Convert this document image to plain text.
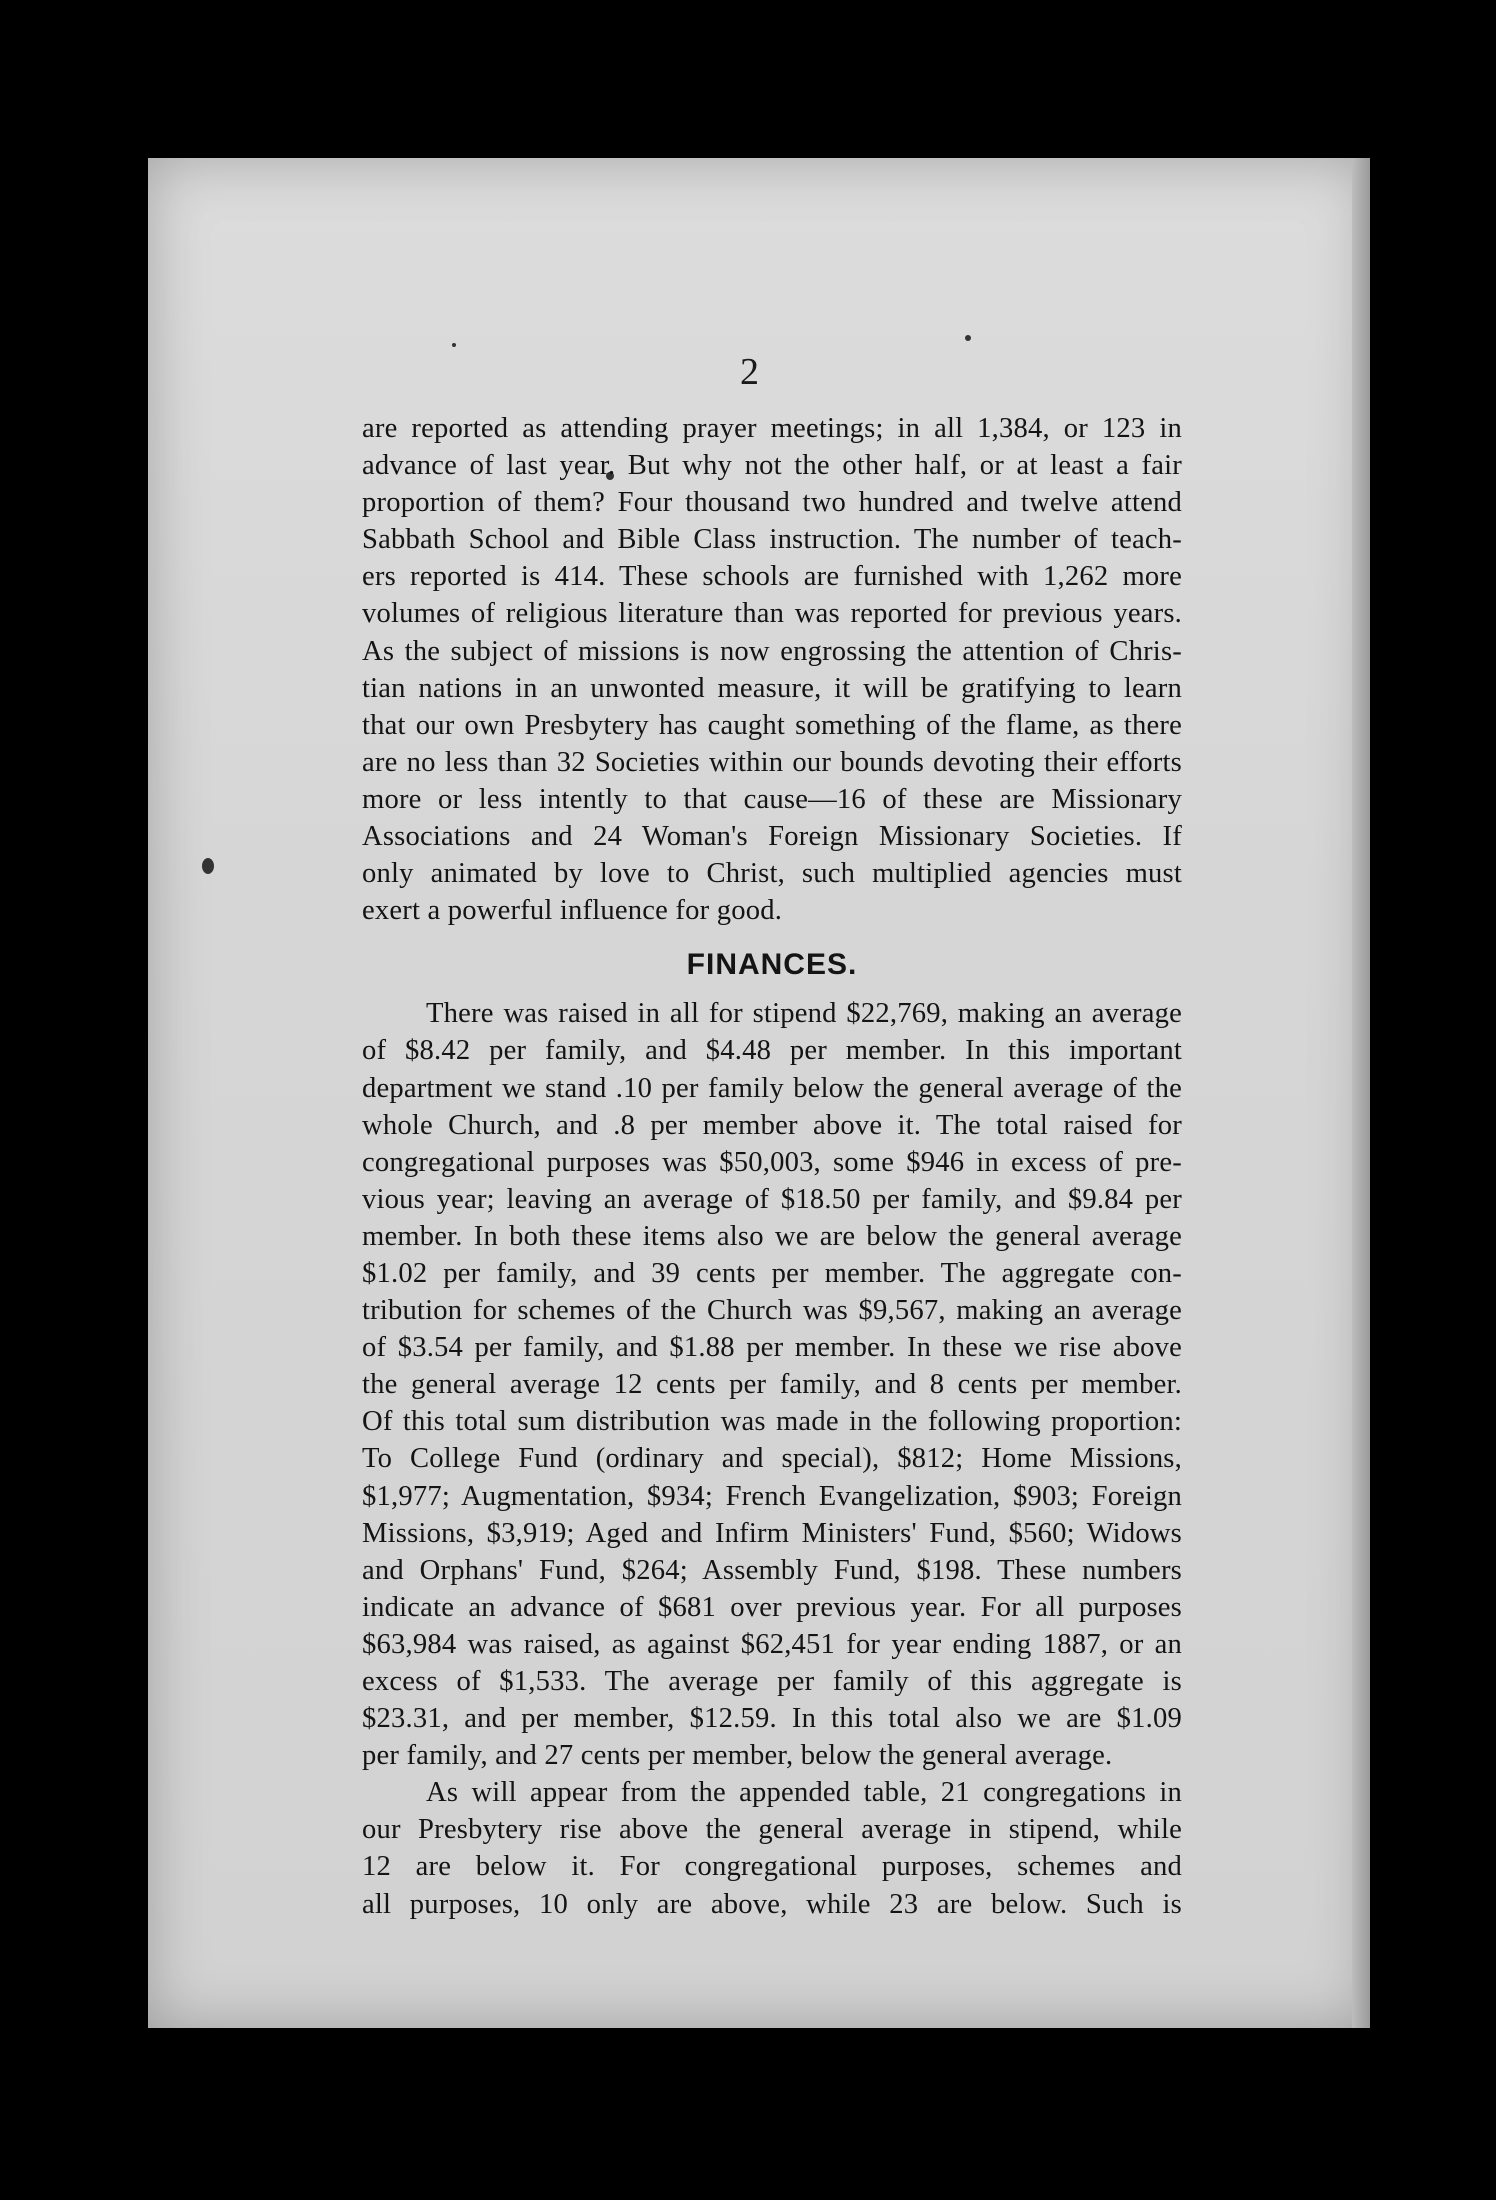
2
are reported as attending prayer meetings; in all 1,384, or 123 in
advance of last year. But why not the other half, or at least a fair
proportion of them? Four thousand two hundred and twelve attend
Sabbath School and Bible Class instruction. The number of teach-
ers reported is 414. These schools are furnished with 1,262 more
volumes of religious literature than was reported for previous years.
As the subject of missions is now engrossing the attention of Chris-
tian nations in an unwonted measure, it will be gratifying to learn
that our own Presbytery has caught something of the flame, as there
are no less than 32 Societies within our bounds devoting their efforts
more or less intently to that cause—16 of these are Missionary
Associations and 24 Woman's Foreign Missionary Societies. If
only animated by love to Christ, such multiplied agencies must
exert a powerful influence for good.
FINANCES.
There was raised in all for stipend $22,769, making an average
of $8.42 per family, and $4.48 per member. In this important
department we stand .10 per family below the general average of the
whole Church, and .8 per member above it. The total raised for
congregational purposes was $50,003, some $946 in excess of pre-
vious year; leaving an average of $18.50 per family, and $9.84 per
member. In both these items also we are below the general average
$1.02 per family, and 39 cents per member. The aggregate con-
tribution for schemes of the Church was $9,567, making an average
of $3.54 per family, and $1.88 per member. In these we rise above
the general average 12 cents per family, and 8 cents per member.
Of this total sum distribution was made in the following proportion:
To College Fund (ordinary and special), $812; Home Missions,
$1,977; Augmentation, $934; French Evangelization, $903; Foreign
Missions, $3,919; Aged and Infirm Ministers' Fund, $560; Widows
and Orphans' Fund, $264; Assembly Fund, $198. These numbers
indicate an advance of $681 over previous year. For all purposes
$63,984 was raised, as against $62,451 for year ending 1887, or an
excess of $1,533. The average per family of this aggregate is
$23.31, and per member, $12.59. In this total also we are $1.09
per family, and 27 cents per member, below the general average.
As will appear from the appended table, 21 congregations in
our Presbytery rise above the general average in stipend, while
12 are below it. For congregational purposes, schemes and
all purposes, 10 only are above, while 23 are below. Such is
